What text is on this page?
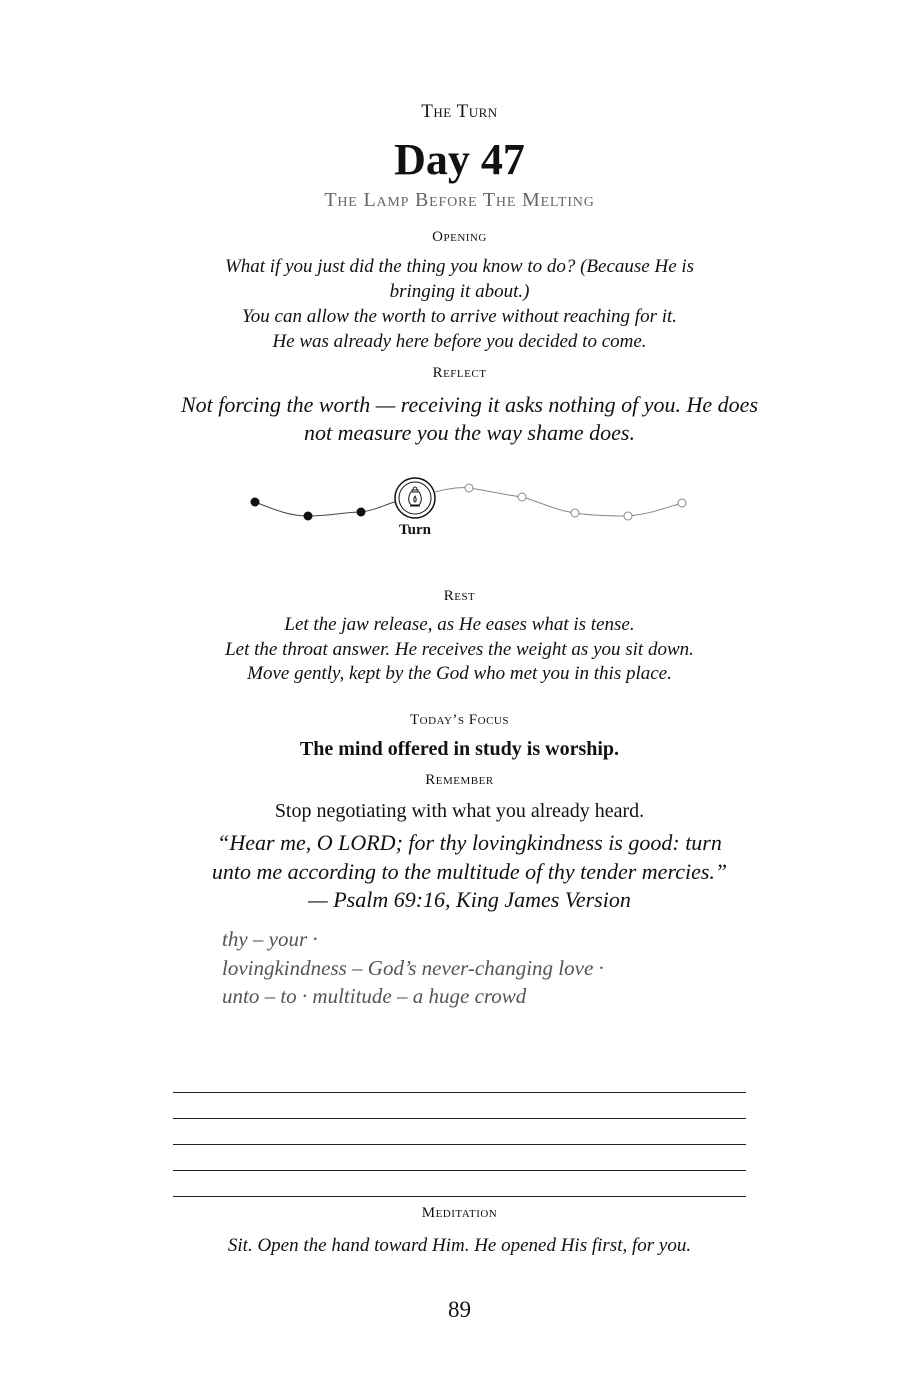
The Turn
Day 47
The Lamp Before The Melting
Opening

What if you just did the thing you know to do? (Because He is

bringing it about.)

You can allow the worth to arrive without reaching for it.

He was already here before you decided to come.

Reflect
Not forcing the worth — receiving it asks nothing of you. He does not measure you the way shame does.
Turn
Rest

Let the jaw release, as He eases what is tense.

Let the throat answer. He receives the weight as you sit down.

Move gently, kept by the God who met you in this place.

Today’s Focus
The mind offered in study is worship.
Remember
Stop negotiating with what you already heard.
“Hear me, O LORD; for thy lovingkindness is good: turn unto me according to the multitude of thy tender mercies.” — Psalm 69:16, King James Version
thy – your ·
lovingkindness – God’s never-changing love ·
unto – to · multitude – a huge crowd
Meditation
Sit. Open the hand toward Him. He opened His first, for you.
89
